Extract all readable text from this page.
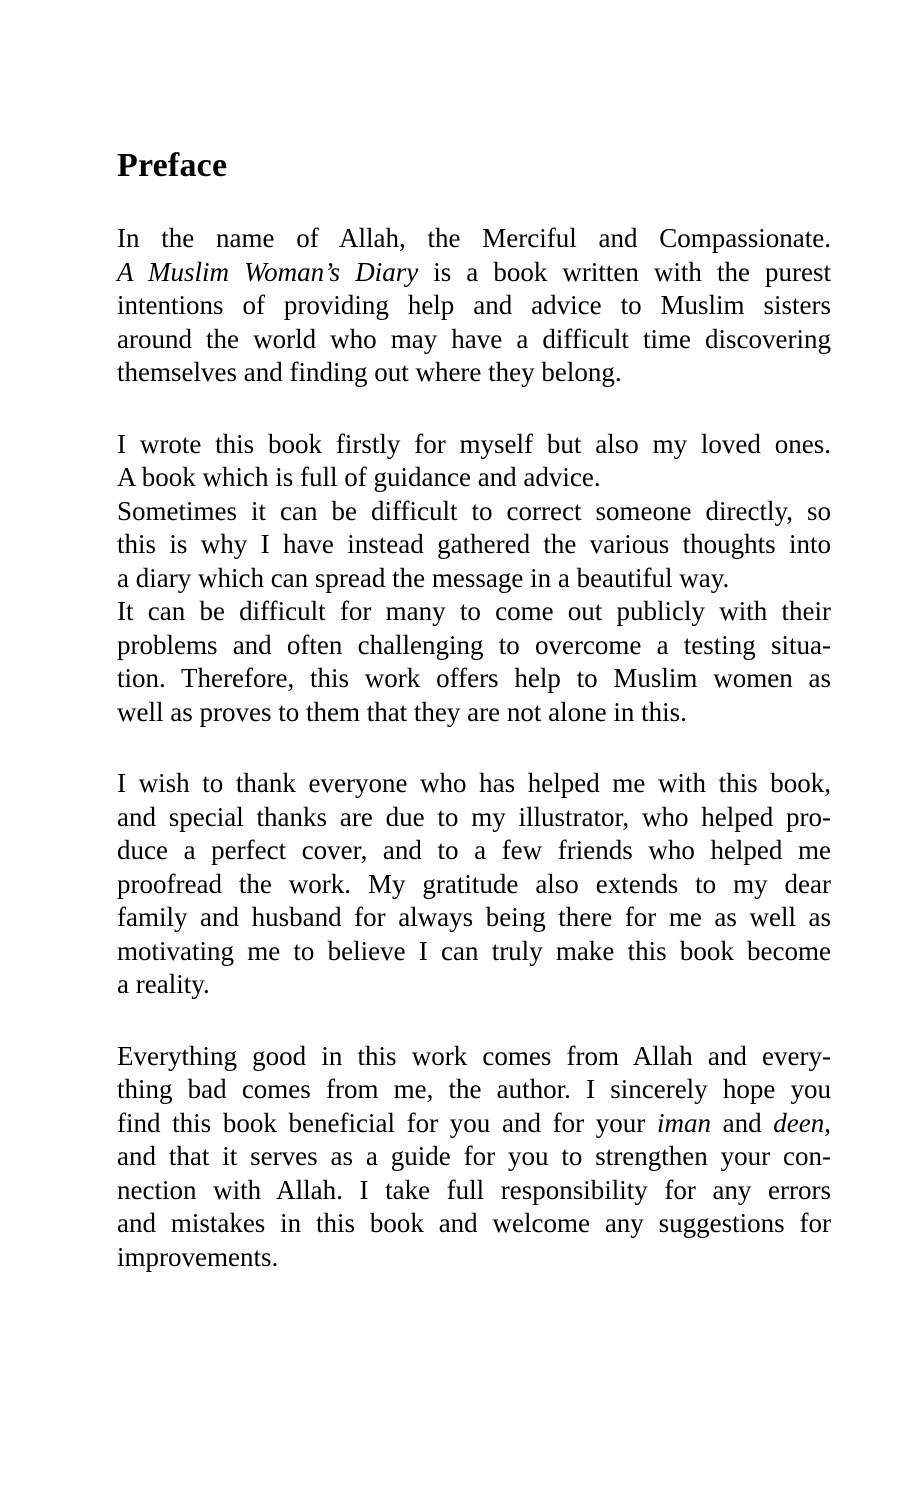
Preface
In the name of Allah, the Merciful and Compassionate.
A Muslim Woman’s Diary is a book written with the purest
intentions of providing help and advice to Muslim sisters
around the world who may have a difficult time discovering
themselves and finding out where they belong.
I wrote this book firstly for myself but also my loved ones.
A book which is full of guidance and advice.
Sometimes it can be difficult to correct someone directly, so
this is why I have instead gathered the various thoughts into
a diary which can spread the message in a beautiful way.
It can be difficult for many to come out publicly with their
problems and often challenging to overcome a testing situa-
tion. Therefore, this work offers help to Muslim women as
well as proves to them that they are not alone in this.
I wish to thank everyone who has helped me with this book,
and special thanks are due to my illustrator, who helped pro-
duce a perfect cover, and to a few friends who helped me
proofread the work. My gratitude also extends to my dear
family and husband for always being there for me as well as
motivating me to believe I can truly make this book become
a reality.
Everything good in this work comes from Allah and every-
thing bad comes from me, the author. I sincerely hope you
find this book beneficial for you and for your iman and deen,
and that it serves as a guide for you to strengthen your con-
nection with Allah. I take full responsibility for any errors
and mistakes in this book and welcome any suggestions for
improvements.
